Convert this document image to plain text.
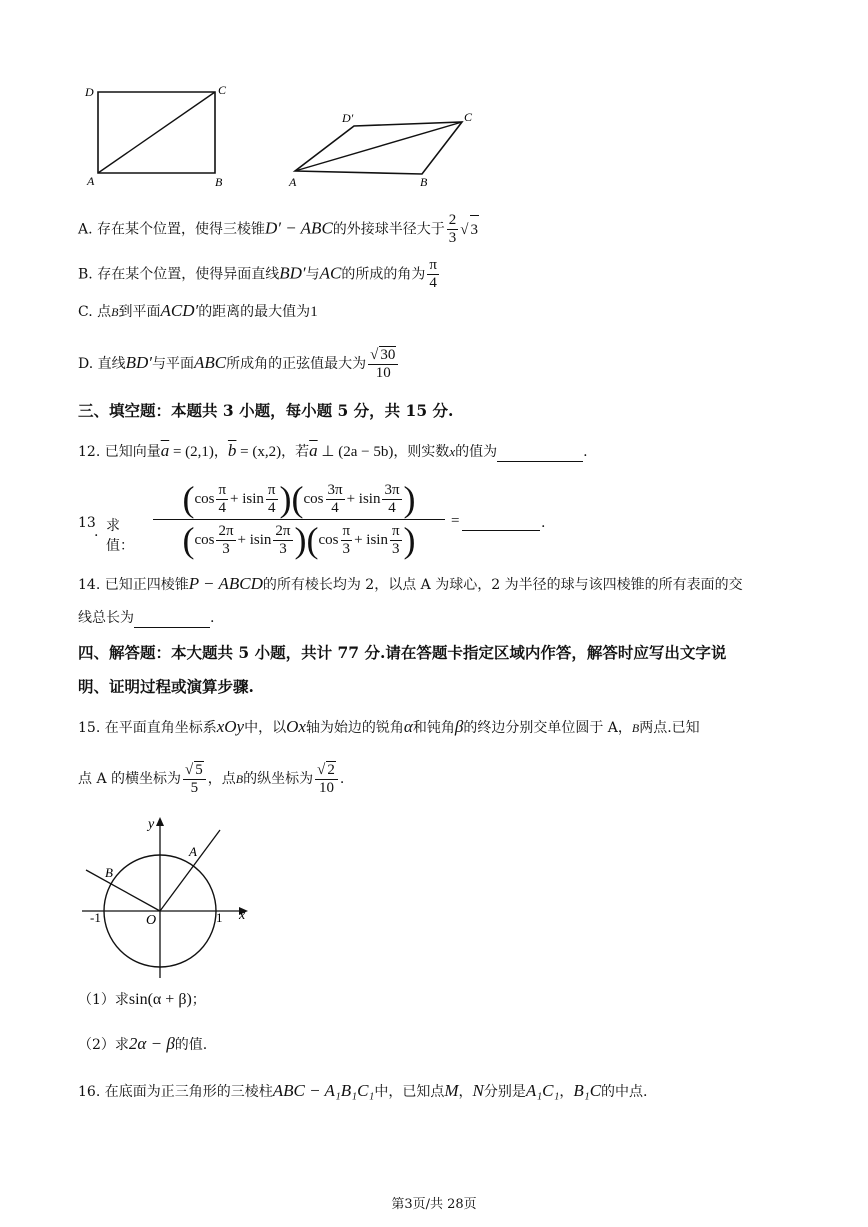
D	C
A	B
D′	C
A	B
A. 存在某个位置，使得三棱锥D′ − ABC的外接球半径大于 $\frac{2}{3}$ √ 3
B. 存在某个位置，使得异面直线BD′与AC的所成的角为 $\frac{\pi}{4}$
C. 点B到平面ACD′的距离的最大值为1
D. 直线BD′与平面ABC所成角的正弦值最大为 $\frac{√ 30}{10}$
三、填空题：本题共 3 小题，每小题 5 分，共 15 分.
12. 已知向量$\overline{a} = (2,1)$，$\overline{b} = (x,2)$，若$\overline{a}$ ⊥ (2a − 5b)，则实数x的值为	.
13
. 求值：
( $\cos \frac{\pi}{4} + isin \frac{\pi}{4}$ ) ( $\cos \frac{3\pi}{4} + isin \frac{3\pi}{4}$ )
( $\cos \frac{2\pi}{3} + isin \frac{2\pi}{3}$ ) ( $\cos \frac{\pi}{3} + isin \frac{\pi}{3}$ ) =	.
14. 已知正四棱锥P − ABCD的所有棱长均为 2，以点 A 为球心，2 为半径的球与该四棱锥的所有表面的交
线总长为	.
四、解答题：本大题共 5 小题，共计 77 分.请在答题卡指定区域内作答，解答时应写出文字说
明、证明过程或演算步骤.
15. 在平面直角坐标系xOy中，以Ox轴为始边的锐角α和钝角β的终边分别交单位圆于 A，B两点.已知
点 A 的横坐标为 $\frac{√ 5}{5}$ ，点B的纵坐标为 $\frac{√ 2}{10}$ .
y
x
A
B
O
-1	1
（1）求sin(α + β)；
（2）求2α − β的值.
16. 在底面为正三角形的三棱柱ABC − A₁B₁C₁中，已知点M，N分别是A₁C₁，B₁C的中点.
第3页/共 28页
